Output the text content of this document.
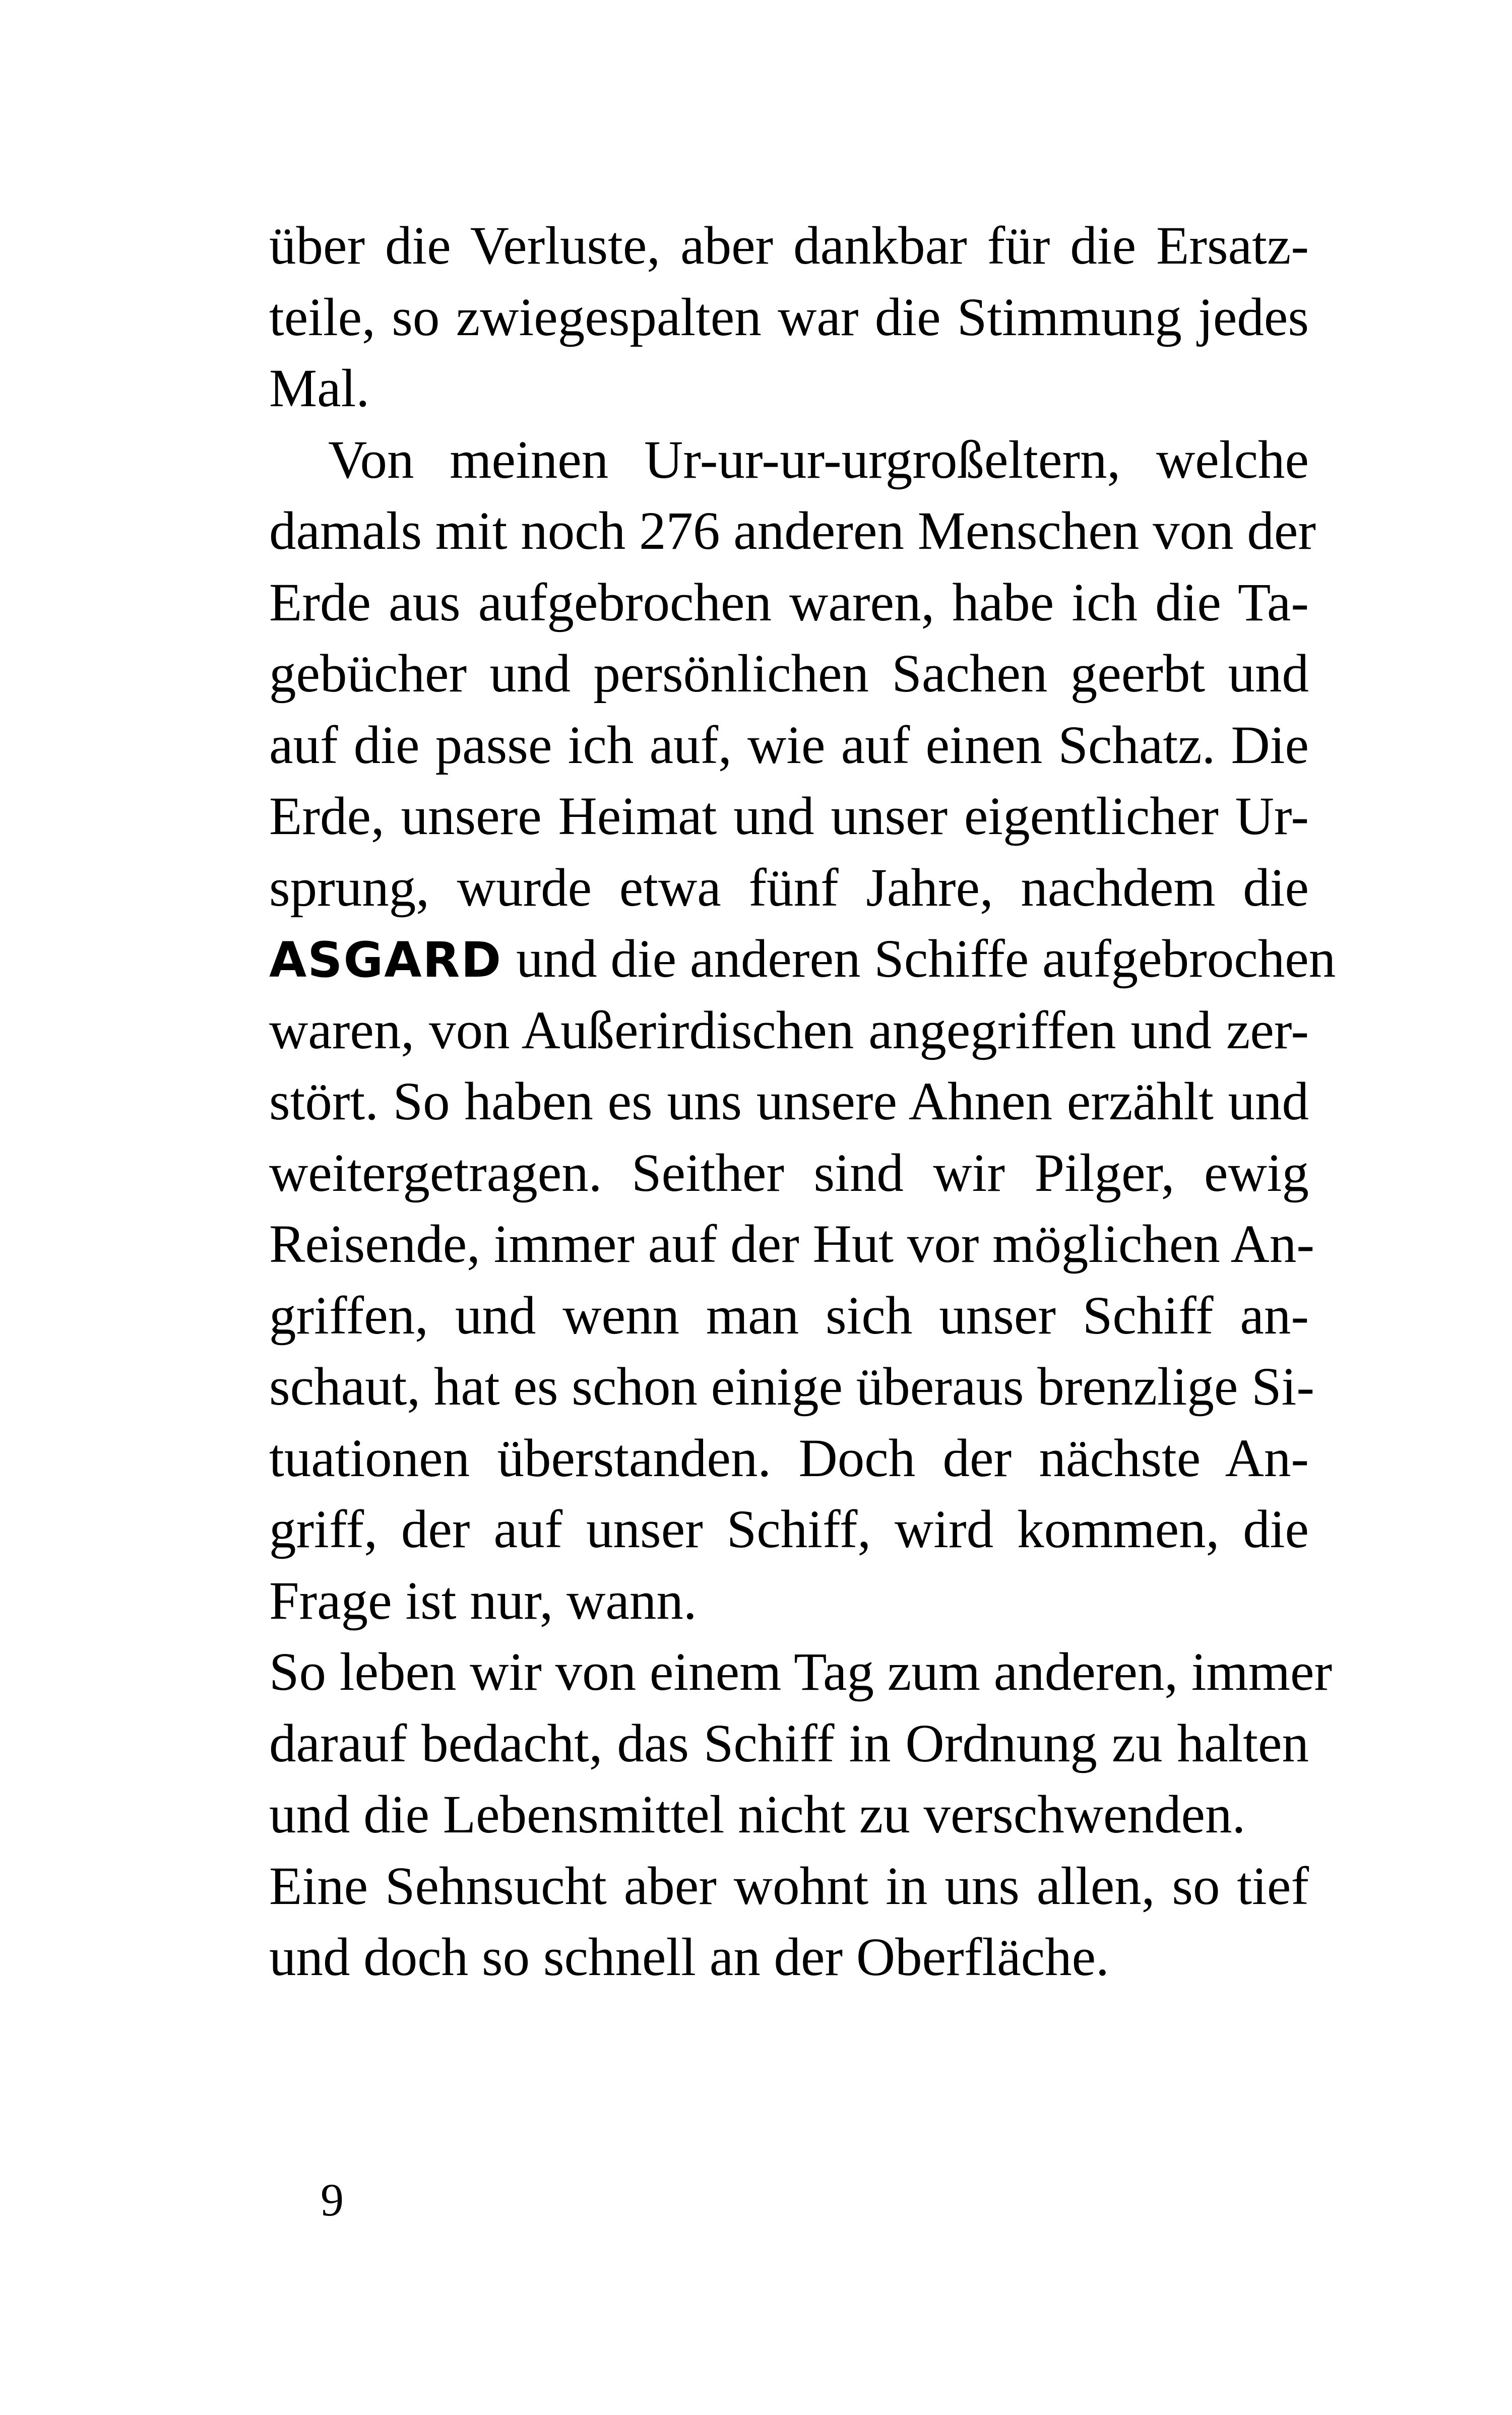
über die Verluste, aber dankbar für die Ersatz-
teile, so zwiegespalten war die Stimmung jedes
Mal.
Von meinen Ur-ur-ur-urgroßeltern, welche
damals mit noch 276 anderen Menschen von der
Erde aus aufgebrochen waren, habe ich die Ta-
gebücher und persönlichen Sachen geerbt und
auf die passe ich auf, wie auf einen Schatz. Die
Erde, unsere Heimat und unser eigentlicher Ur-
sprung, wurde etwa fünf Jahre, nachdem die
ASGARD und die anderen Schiffe aufgebrochen
waren, von Außerirdischen angegriffen und zer-
stört. So haben es uns unsere Ahnen erzählt und
weitergetragen. Seither sind wir Pilger, ewig
Reisende, immer auf der Hut vor möglichen An-
griffen, und wenn man sich unser Schiff an-
schaut, hat es schon einige überaus brenzlige Si-
tuationen überstanden. Doch der nächste An-
griff, der auf unser Schiff, wird kommen, die
Frage ist nur, wann.
So leben wir von einem Tag zum anderen, immer
darauf bedacht, das Schiff in Ordnung zu halten
und die Lebensmittel nicht zu verschwenden.
Eine Sehnsucht aber wohnt in uns allen, so tief
und doch so schnell an der Oberfläche.
9
